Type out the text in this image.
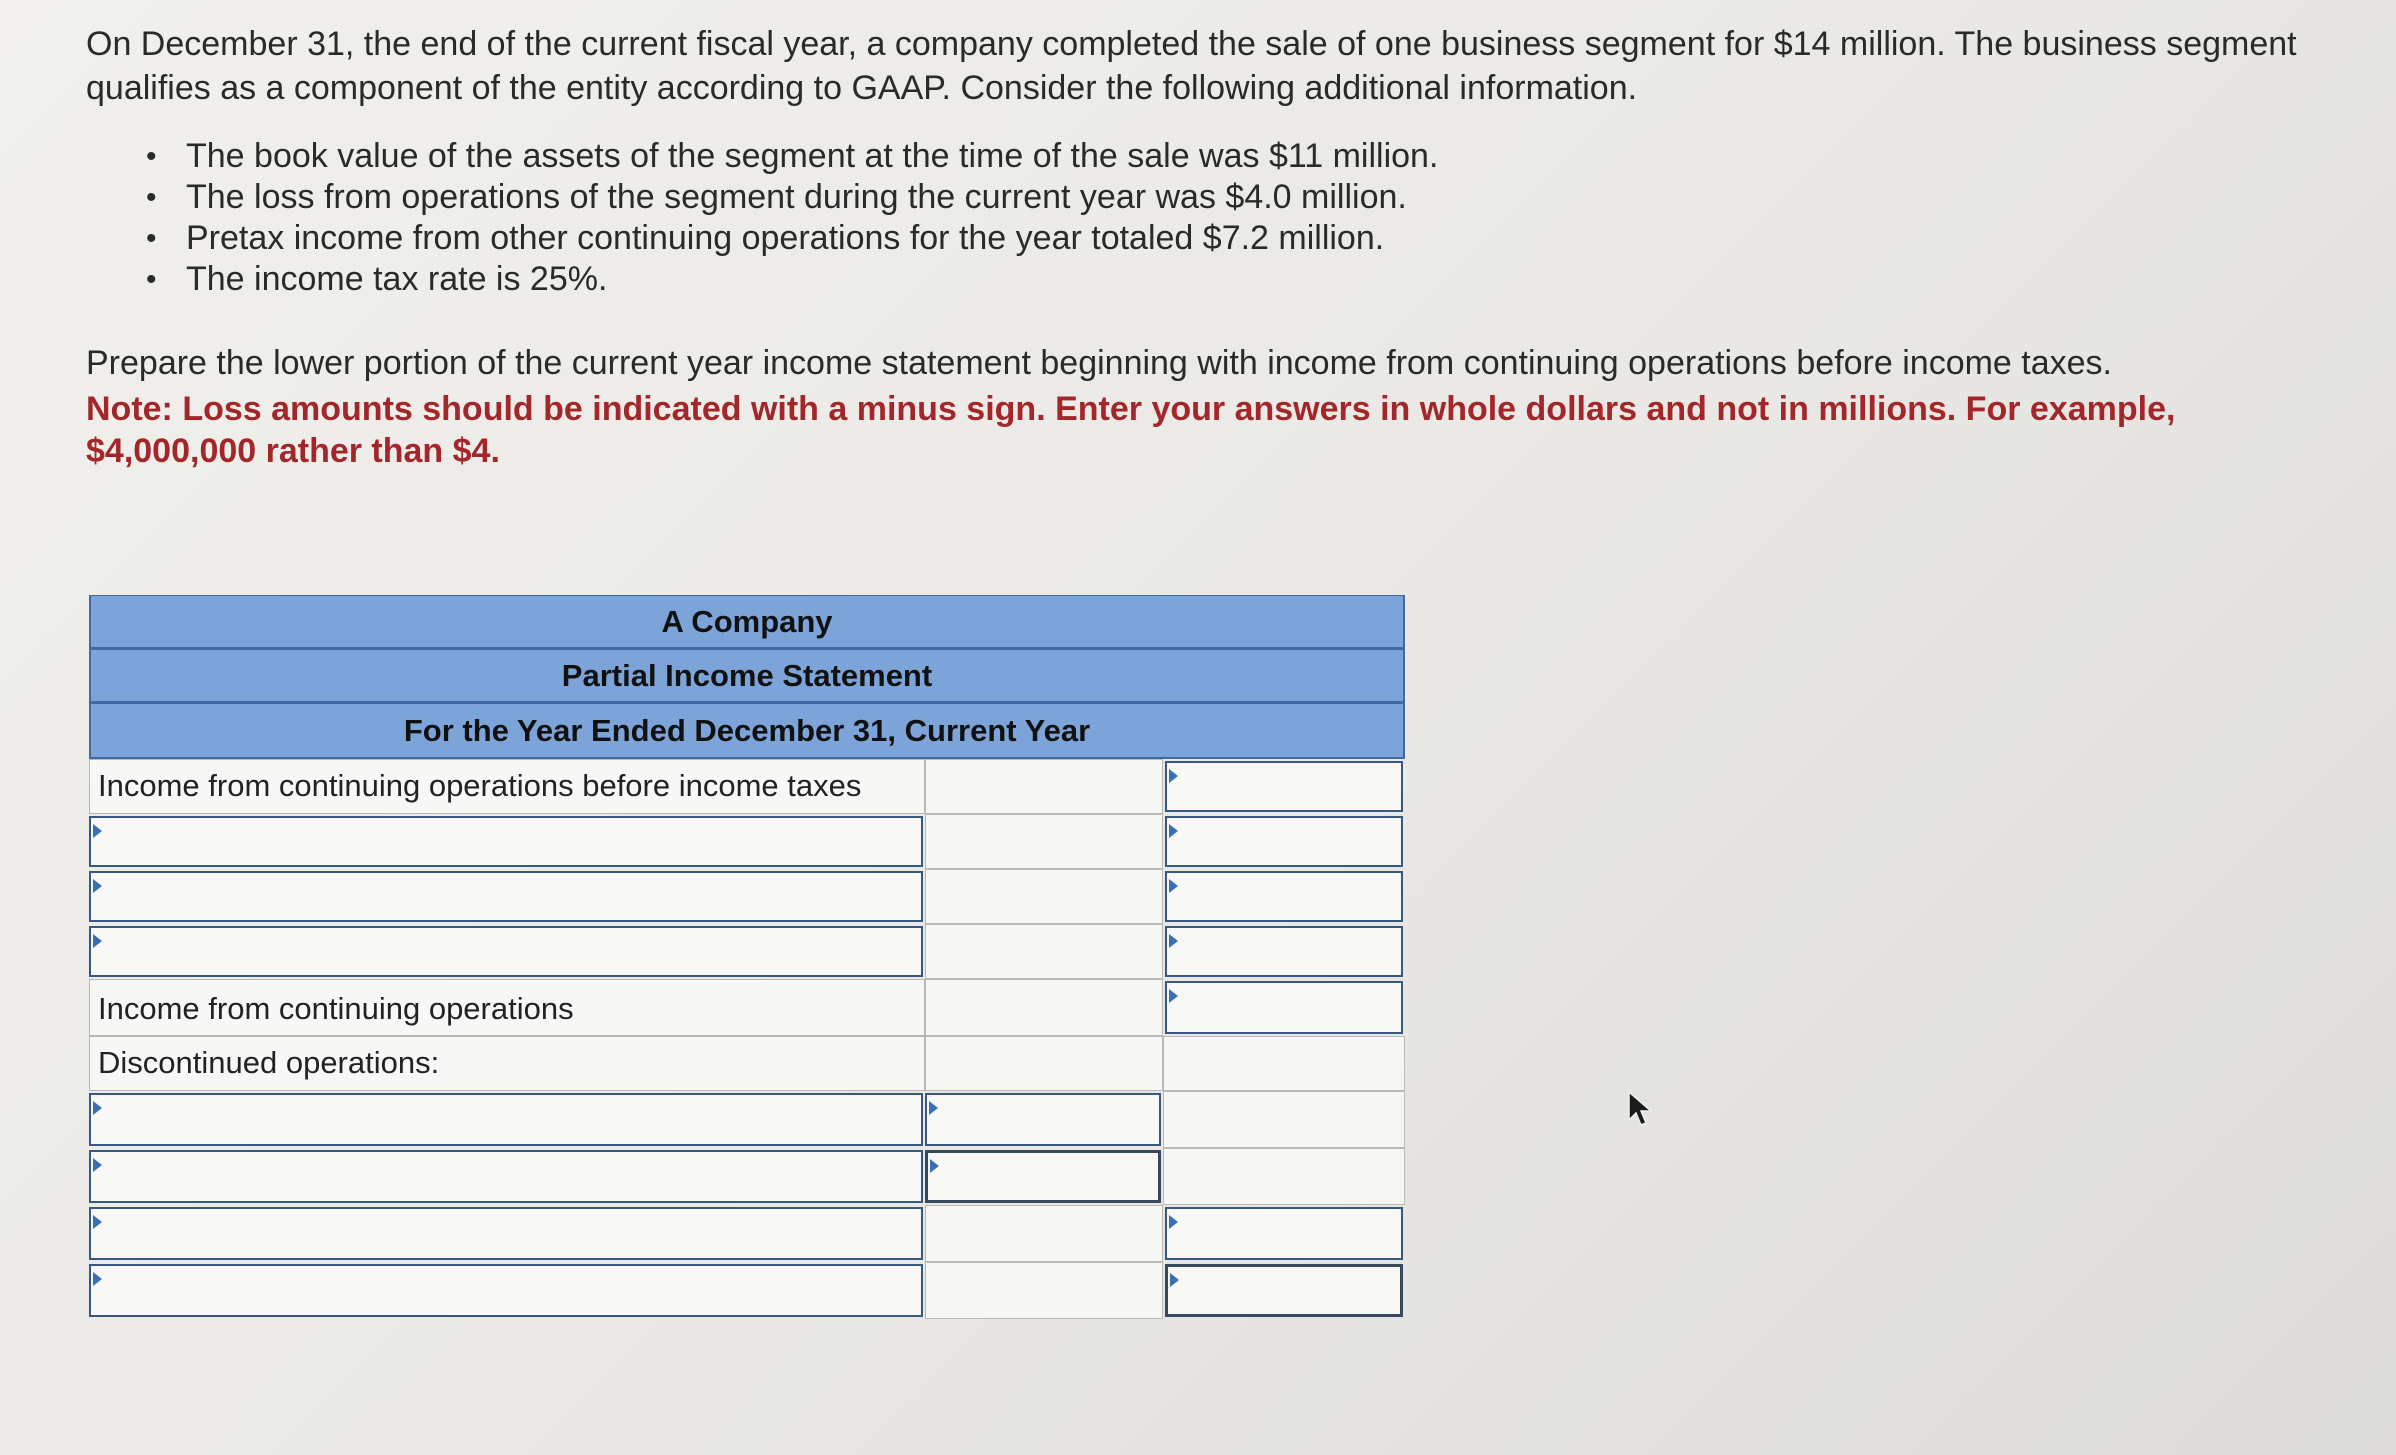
On December 31, the end of the current fiscal year, a company completed the sale of one business segment for $14 million. The business segment qualifies as a component of the entity according to GAAP. Consider the following additional information.

• The book value of the assets of the segment at the time of the sale was $11 million.
• The loss from operations of the segment during the current year was $4.0 million.
• Pretax income from other continuing operations for the year totaled $7.2 million.
• The income tax rate is 25%.

Prepare the lower portion of the current year income statement beginning with income from continuing operations before income taxes.

Note: Loss amounts should be indicated with a minus sign. Enter your answers in whole dollars and not in millions. For example, $4,000,000 rather than $4.

A Company
Partial Income Statement
For the Year Ended December 31, Current Year
Income from continuing operations before income taxes
Income from continuing operations
Discontinued operations:
